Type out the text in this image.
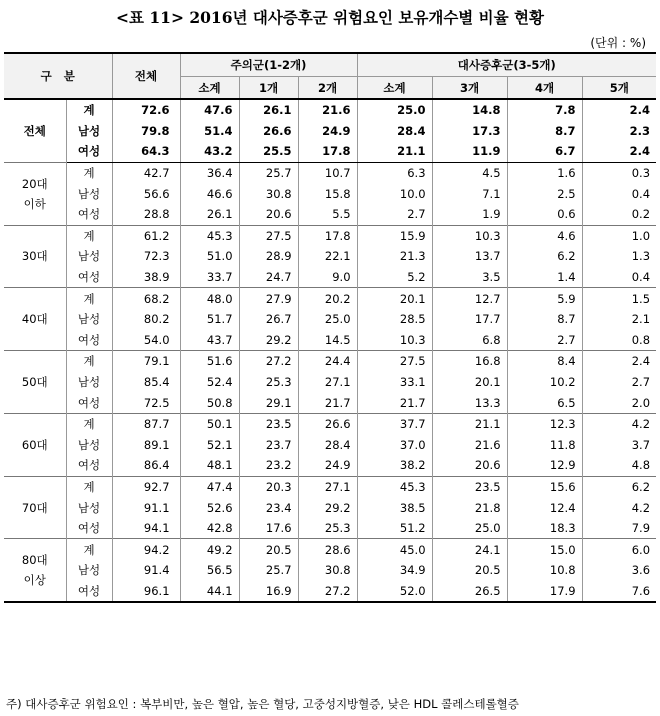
<표 11> 2016년 대사증후군 위험요인 보유개수별 비율 현황
(단위 : %)
구   분		전체	주의군(1-2개)			대사증후군(3-5개)			
			소계	1개	2개	소계	3개	4개	5개
전체	계	72.6	47.6	26.1	21.6	25.0	14.8	7.8	2.4
	남성	79.8	51.4	26.6	24.9	28.4	17.3	8.7	2.3
	여성	64.3	43.2	25.5	17.8	21.1	11.9	6.7	2.4
20대
이하	계	42.7	36.4	25.7	10.7	6.3	4.5	1.6	0.3
	남성	56.6	46.6	30.8	15.8	10.0	7.1	2.5	0.4
	여성	28.8	26.1	20.6	5.5	2.7	1.9	0.6	0.2
30대	계	61.2	45.3	27.5	17.8	15.9	10.3	4.6	1.0
	남성	72.3	51.0	28.9	22.1	21.3	13.7	6.2	1.3
	여성	38.9	33.7	24.7	9.0	5.2	3.5	1.4	0.4
40대	계	68.2	48.0	27.9	20.2	20.1	12.7	5.9	1.5
	남성	80.2	51.7	26.7	25.0	28.5	17.7	8.7	2.1
	여성	54.0	43.7	29.2	14.5	10.3	6.8	2.7	0.8
50대	계	79.1	51.6	27.2	24.4	27.5	16.8	8.4	2.4
	남성	85.4	52.4	25.3	27.1	33.1	20.1	10.2	2.7
	여성	72.5	50.8	29.1	21.7	21.7	13.3	6.5	2.0
60대	계	87.7	50.1	23.5	26.6	37.7	21.1	12.3	4.2
	남성	89.1	52.1	23.7	28.4	37.0	21.6	11.8	3.7
	여성	86.4	48.1	23.2	24.9	38.2	20.6	12.9	4.8
70대	계	92.7	47.4	20.3	27.1	45.3	23.5	15.6	6.2
	남성	91.1	52.6	23.4	29.2	38.5	21.8	12.4	4.2
	여성	94.1	42.8	17.6	25.3	51.2	25.0	18.3	7.9
80대
이상	계	94.2	49.2	20.5	28.6	45.0	24.1	15.0	6.0
	남성	91.4	56.5	25.7	30.8	34.9	20.5	10.8	3.6
	여성	96.1	44.1	16.9	27.2	52.0	26.5	17.9	7.6
주) 대사증후군 위험요인 : 복부비만, 높은 혈압, 높은 혈당, 고중성지방혈증, 낮은 HDL 콜레스테롤혈증
